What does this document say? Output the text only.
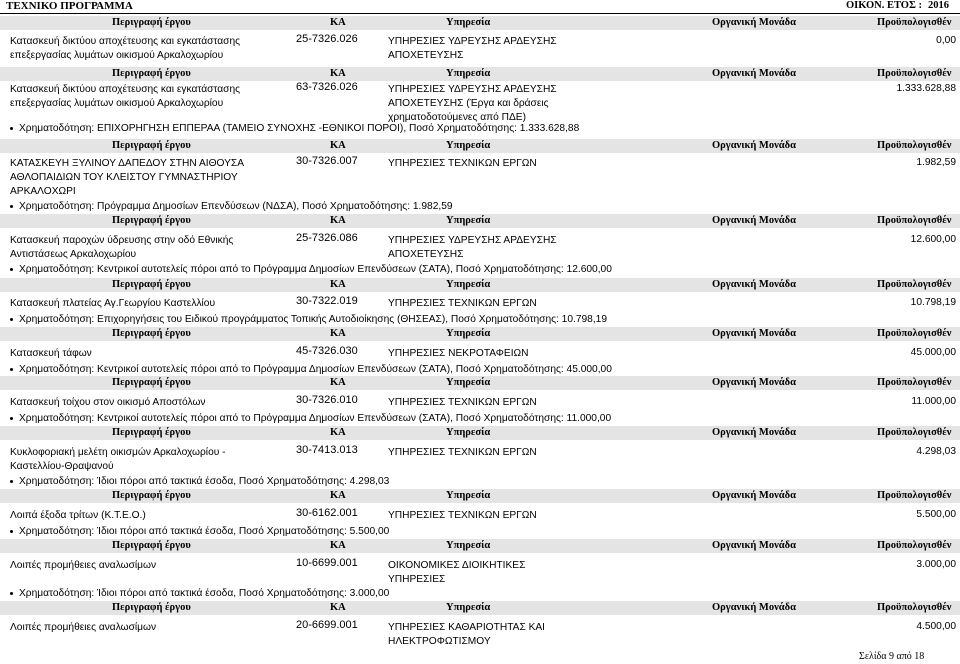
ΤΕΧΝΙΚΟ ΠΡΟΓΡΑΜΜΑ	ΟΙΚΟΝ. ΕΤΟΣ : 2016
Περιγραφή έργου	ΚΑ	Υπηρεσία	Οργανική Μονάδα	Προϋπολογισθέν
Κατασκευή δικτύου αποχέτευσης και εγκατάστασης
επεξεργασίας λυμάτων οικισμού Αρκαλοχωρίου
25-7326.026	ΥΠΗΡΕΣΙΕΣ ΥΔΡΕΥΣΗΣ ΑΡΔΕΥΣΗΣ
ΑΠΟΧΕΤΕΥΣΗΣ
0,00
Περιγραφή έργου	ΚΑ	Υπηρεσία	Οργανική Μονάδα	Προϋπολογισθέν
Κατασκευή δικτύου αποχέτευσης και εγκατάστασης
επεξεργασίας λυμάτων οικισμού Αρκαλοχωρίου
63-7326.026	ΥΠΗΡΕΣΙΕΣ ΥΔΡΕΥΣΗΣ ΑΡΔΕΥΣΗΣ
ΑΠΟΧΕΤΕΥΣΗΣ (Έργα και δράσεις
χρηματοδοτούμενες από ΠΔΕ)
1.333.628,88
Χρηματοδότηση: ΕΠΙΧΟΡΗΓΗΣΗ ΕΠΠΕΡΑΑ (ΤΑΜΕΙΟ ΣΥΝΟΧΗΣ -ΕΘΝΙΚΟΙ ΠΟΡΟΙ), Ποσό Χρηματοδότησης: 1.333.628,88
Περιγραφή έργου	ΚΑ	Υπηρεσία	Οργανική Μονάδα	Προϋπολογισθέν
ΚΑΤΑΣΚΕΥΗ ΞΥΛΙΝΟΥ ΔΑΠΕΔΟΥ ΣΤΗΝ ΑΙΘΟΥΣΑ
ΑΘΛΟΠΑΙΔΙΩΝ ΤΟΥ ΚΛΕΙΣΤΟΥ ΓΥΜΝΑΣΤΗΡΙΟΥ
ΑΡΚΑΛΟΧΩΡΙ
30-7326.007	ΥΠΗΡΕΣΙΕΣ ΤΕΧΝΙΚΩΝ ΕΡΓΩΝ	1.982,59
Χρηματοδότηση: Πρόγραμμα Δημοσίων Επενδύσεων (ΝΔΣΑ), Ποσό Χρηματοδότησης: 1.982,59
Περιγραφή έργου	ΚΑ	Υπηρεσία	Οργανική Μονάδα	Προϋπολογισθέν
Κατασκευή παροχών ύδρευσης στην οδό Εθνικής
Αντιστάσεως Αρκαλοχωρίου
25-7326.086	ΥΠΗΡΕΣΙΕΣ ΥΔΡΕΥΣΗΣ ΑΡΔΕΥΣΗΣ
ΑΠΟΧΕΤΕΥΣΗΣ
12.600,00
Χρηματοδότηση: Κεντρικοί αυτοτελείς πόροι από το Πρόγραμμα Δημοσίων Επενδύσεων (ΣΑΤΑ), Ποσό Χρηματοδότησης: 12.600,00
Περιγραφή έργου	ΚΑ	Υπηρεσία	Οργανική Μονάδα	Προϋπολογισθέν
Κατασκευή πλατείας Αγ.Γεωργίου Καστελλίου	30-7322.019	ΥΠΗΡΕΣΙΕΣ ΤΕΧΝΙΚΩΝ ΕΡΓΩΝ	10.798,19
Χρηματοδότηση: Επιχορηγήσεις του Ειδικού προγράμματος Τοπικής Αυτοδιοίκησης (ΘΗΣΕΑΣ), Ποσό Χρηματοδότησης: 10.798,19
Περιγραφή έργου	ΚΑ	Υπηρεσία	Οργανική Μονάδα	Προϋπολογισθέν
Κατασκευή τάφων	45-7326.030	ΥΠΗΡΕΣΙΕΣ ΝΕΚΡΟΤΑΦΕΙΩΝ	45.000,00
Χρηματοδότηση: Κεντρικοί αυτοτελείς πόροι από το Πρόγραμμα Δημοσίων Επενδύσεων (ΣΑΤΑ), Ποσό Χρηματοδότησης: 45.000,00
Περιγραφή έργου	ΚΑ	Υπηρεσία	Οργανική Μονάδα	Προϋπολογισθέν
Κατασκευή τοίχου στον οικισμό Αποστόλων	30-7326.010	ΥΠΗΡΕΣΙΕΣ ΤΕΧΝΙΚΩΝ ΕΡΓΩΝ	11.000,00
Χρηματοδότηση: Κεντρικοί αυτοτελείς πόροι από το Πρόγραμμα Δημοσίων Επενδύσεων (ΣΑΤΑ), Ποσό Χρηματοδότησης: 11.000,00
Περιγραφή έργου	ΚΑ	Υπηρεσία	Οργανική Μονάδα	Προϋπολογισθέν
Κυκλοφοριακή μελέτη οικισμών Αρκαλοχωρίου -
Καστελλίου-Θραψανού
30-7413.013	ΥΠΗΡΕΣΙΕΣ ΤΕΧΝΙΚΩΝ ΕΡΓΩΝ	4.298,03
Χρηματοδότηση: Ίδιοι πόροι από τακτικά έσοδα, Ποσό Χρηματοδότησης: 4.298,03
Περιγραφή έργου	ΚΑ	Υπηρεσία	Οργανική Μονάδα	Προϋπολογισθέν
Λοιπά έξοδα τρίτων (Κ.Τ.Ε.Ο.)	30-6162.001	ΥΠΗΡΕΣΙΕΣ ΤΕΧΝΙΚΩΝ ΕΡΓΩΝ	5.500,00
Χρηματοδότηση: Ίδιοι πόροι από τακτικά έσοδα, Ποσό Χρηματοδότησης: 5.500,00
Περιγραφή έργου	ΚΑ	Υπηρεσία	Οργανική Μονάδα	Προϋπολογισθέν
Λοιπές προμήθειες αναλωσίμων	10-6699.001	ΟΙΚΟΝΟΜΙΚΕΣ ΔΙΟΙΚΗΤΙΚΕΣ
ΥΠΗΡΕΣΙΕΣ
3.000,00
Χρηματοδότηση: Ίδιοι πόροι από τακτικά έσοδα, Ποσό Χρηματοδότησης: 3.000,00
Περιγραφή έργου	ΚΑ	Υπηρεσία	Οργανική Μονάδα	Προϋπολογισθέν
Λοιπές προμήθειες αναλωσίμων	20-6699.001	ΥΠΗΡΕΣΙΕΣ ΚΑΘΑΡΙΟΤΗΤΑΣ ΚΑΙ
ΗΛΕΚΤΡΟΦΩΤΙΣΜΟΥ
4.500,00
Σελίδα 9 από 18
